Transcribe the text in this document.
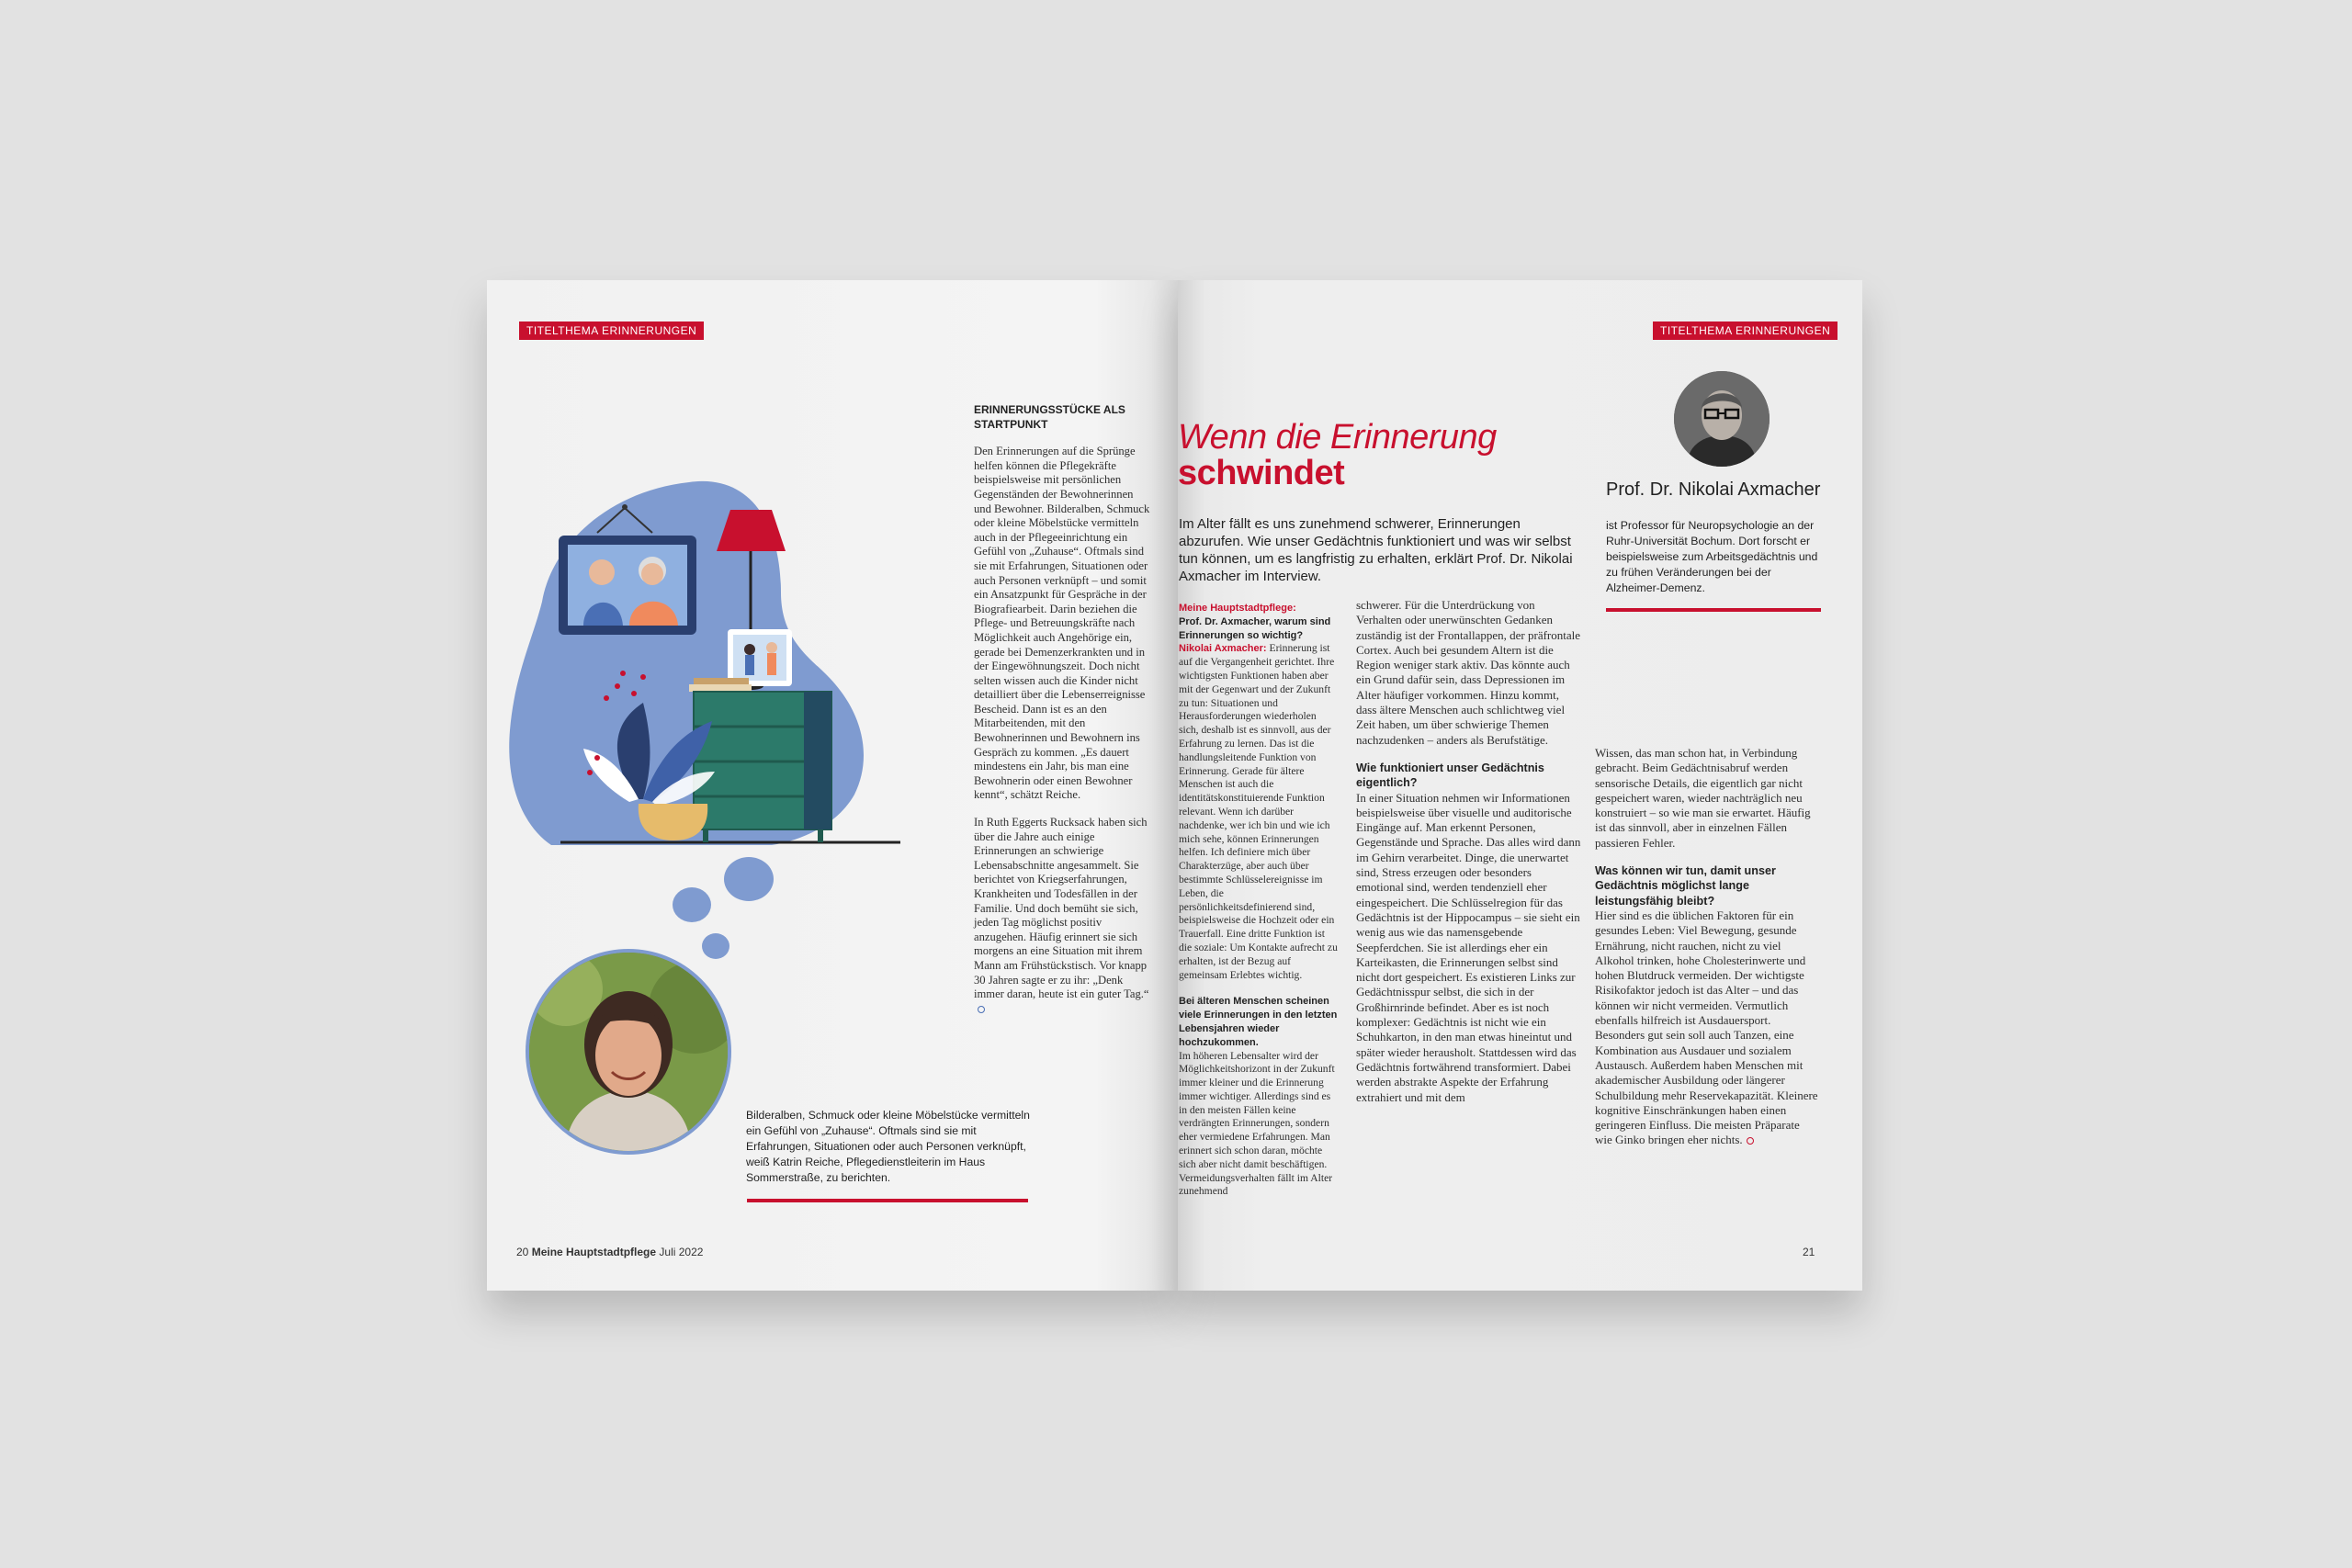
TITELTHEMA ERINNERUNGEN

ERINNERUNGSSTÜCKE ALS STARTPUNKT

Den Erinnerungen auf die Sprünge helfen können die Pflegekräfte beispielsweise mit persönlichen Gegenständen der Bewohnerinnen und Bewohner. Bilderalben, Schmuck oder kleine Möbelstücke vermitteln auch in der Pflegeeinrichtung ein Gefühl von „Zuhause“. Oftmals sind sie mit Erfahrungen, Situationen oder auch Personen verknüpft – und somit ein Ansatzpunkt für Gespräche in der Biografiearbeit. Darin beziehen die Pflege- und Betreuungskräfte nach Möglichkeit auch Angehörige ein, gerade bei Demenzerkrankten und in der Eingewöhnungszeit. Doch nicht selten wissen auch die Kinder nicht detailliert über die Lebenserreignisse Bescheid. Dann ist es an den Mitarbeitenden, mit den Bewohnerinnen und Bewohnern ins Gespräch zu kommen. „Es dauert mindestens ein Jahr, bis man eine Bewohnerin oder einen Bewohner kennt“, schätzt Reiche.

In Ruth Eggerts Rucksack haben sich über die Jahre auch einige Erinnerungen an schwierige Lebensabschnitte angesammelt. Sie berichtet von Kriegserfahrungen, Krankheiten und Todesfällen in der Familie. Und doch bemüht sie sich, jeden Tag möglichst positiv anzugehen. Häufig erinnert sie sich morgens an eine Situation mit ihrem Mann am Frühstückstisch. Vor knapp 30 Jahren sagte er zu ihr: „Denk immer daran, heute ist ein guter Tag.“

Bilderalben, Schmuck oder kleine Möbelstücke vermitteln ein Gefühl von „Zuhause“. Oftmals sind sie mit Erfahrungen, Situationen oder auch Personen verknüpft, weiß Katrin Reiche, Pflegedienstleiterin im Haus Sommerstraße, zu berichten.
20 Meine Hauptstadtpflege Juli 2022
TITELTHEMA ERINNERUNGEN
Wenn die Erinnerung
schwindet
Im Alter fällt es uns zunehmend schwerer, Erinnerungen abzurufen. Wie unser Gedächtnis funktioniert und was wir selbst tun können, um es langfristig zu erhalten, erklärt Prof. Dr. Nikolai Axmacher im Interview.
Prof. Dr. Nikolai Axmacher
ist Professor für Neuropsychologie an der Ruhr-Universität Bochum. Dort forscht er beispielsweise zum Arbeitsgedächtnis und zu frühen Veränderungen bei der Alzheimer-Demenz.

Meine Hauptstadtpflege:
Prof. Dr. Axmacher, warum sind Erinnerungen so wichtig?
Nikolai Axmacher: Erinnerung ist auf die Vergangenheit gerichtet. Ihre wichtigsten Funktionen haben aber mit der Gegenwart und der Zukunft zu tun: Situationen und Herausforderungen wiederholen sich, deshalb ist es sinnvoll, aus der Erfahrung zu lernen. Das ist die handlungsleitende Funktion von Erinnerung. Gerade für ältere Menschen ist auch die identitätskonstituierende Funktion relevant. Wenn ich darüber nachdenke, wer ich bin und wie ich mich sehe, können Erinnerungen helfen. Ich definiere mich über Charakterzüge, aber auch über bestimmte Schlüsselereignisse im Leben, die persönlichkeitsdefinierend sind, beispielsweise die Hochzeit oder ein Trauerfall. Eine dritte Funktion ist die soziale: Um Kontakte aufrecht zu erhalten, ist der Bezug auf gemeinsam Erlebtes wichtig.

Bei älteren Menschen scheinen viele Erinnerungen in den letzten Lebensjahren wieder hochzukommen.
Im höheren Lebensalter wird der Möglichkeitshorizont in der Zukunft immer kleiner und die Erinnerung immer wichtiger. Allerdings sind es in den meisten Fällen keine verdrängten Erinnerungen, sondern eher vermiedene Erfahrungen. Man erinnert sich schon daran, möchte sich aber nicht damit beschäftigen. Vermeidungsverhalten fällt im Alter zunehmend

schwerer. Für die Unterdrückung von Verhalten oder unerwünschten Gedanken zuständig ist der Frontallappen, der präfrontale Cortex. Auch bei gesundem Altern ist die Region weniger stark aktiv. Das könnte auch ein Grund dafür sein, dass Depressionen im Alter häufiger vorkommen. Hinzu kommt, dass ältere Menschen auch schlichtweg viel Zeit haben, um über schwierige Themen nachzudenken – anders als Berufstätige.

Wie funktioniert unser Gedächtnis eigentlich?

In einer Situation nehmen wir Informationen beispielsweise über visuelle und auditorische Eingänge auf. Man erkennt Personen, Gegenstände und Sprache. Das alles wird dann im Gehirn verarbeitet. Dinge, die unerwartet sind, Stress erzeugen oder besonders emotional sind, werden tendenziell eher eingespeichert. Die Schlüsselregion für das Gedächtnis ist der Hippocampus – sie sieht ein wenig aus wie das namensgebende Seepferdchen. Sie ist allerdings eher ein Karteikasten, die Erinnerungen selbst sind nicht dort gespeichert. Es existieren Links zur Gedächtnisspur selbst, die sich in der Großhirnrinde befindet. Aber es ist noch komplexer: Gedächtnis ist nicht wie ein Schuhkarton, in den man etwas hineintut und später wieder herausholt. Stattdessen wird das Gedächtnis fortwährend transformiert. Dabei werden abstrakte Aspekte der Erfahrung extrahiert und mit dem

Wissen, das man schon hat, in Verbindung gebracht. Beim Gedächtnisabruf werden sensorische Details, die eigentlich gar nicht gespeichert waren, wieder nachträglich neu konstruiert – so wie man sie erwartet. Häufig ist das sinnvoll, aber in einzelnen Fällen passieren Fehler.

Was können wir tun, damit unser Gedächtnis möglichst lange leistungsfähig bleibt?

Hier sind es die üblichen Faktoren für ein gesundes Leben: Viel Bewegung, gesunde Ernährung, nicht rauchen, nicht zu viel Alkohol trinken, hohe Cholesterinwerte und hohen Blutdruck vermeiden. Der wichtigste Risikofaktor jedoch ist das Alter – und das können wir nicht vermeiden. Vermutlich ebenfalls hilfreich ist Ausdauersport. Besonders gut sein soll auch Tanzen, eine Kombination aus Ausdauer und sozialem Austausch. Außerdem haben Menschen mit akademischer Ausbildung oder längerer Schulbildung mehr Reservekapazität. Kleinere kognitive Einschränkungen haben einen geringeren Einfluss. Die meisten Präparate wie Ginko bringen eher nichts.

21
